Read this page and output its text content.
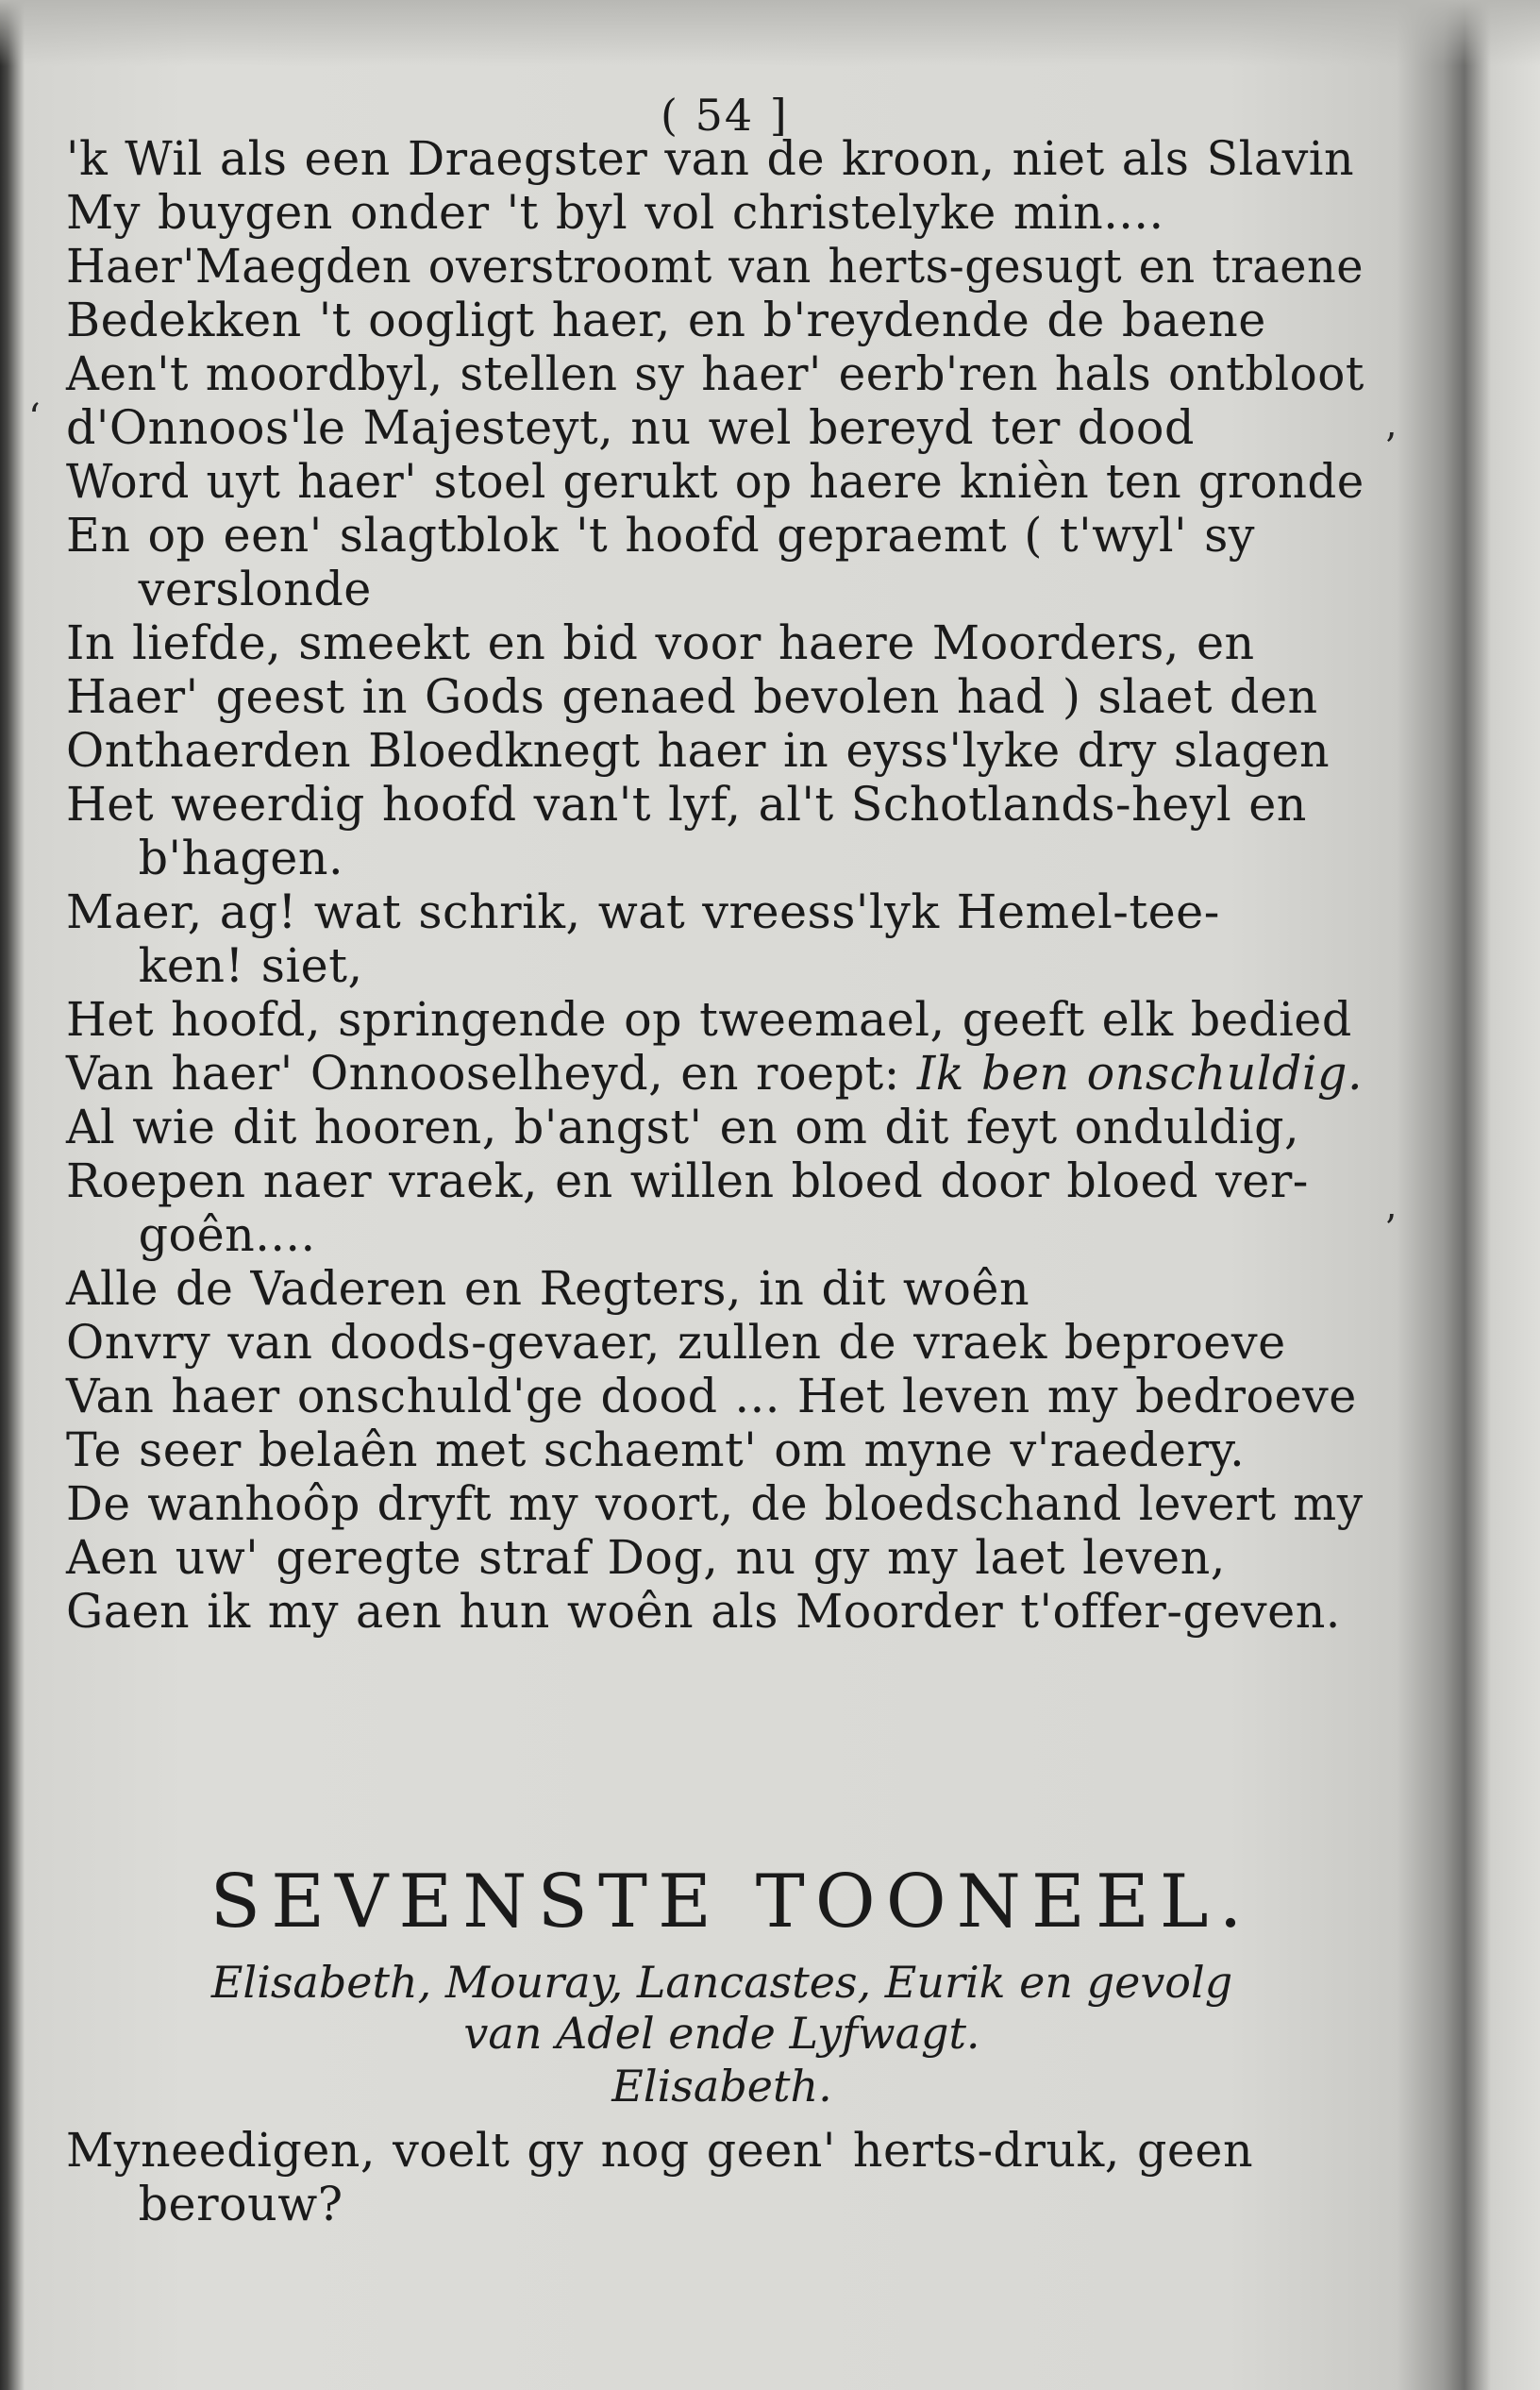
( 54 ]
'k Wil als een Draegster van de kroon, niet als Slavin
My buygen onder 't byl vol christelyke min....
Haer'Maegden overstroomt van herts-gesugt en traene
Bedekken 't oogligt haer, en b'reydende de baene
Aen't moordbyl, stellen sy haer' eerb'ren hals ontbloot
d'Onnoos'le Majesteyt, nu wel bereyd ter dood
Word uyt haer' stoel gerukt op haere knièn ten gronde
En op een' slagtblok 't hoofd gepraemt ( t'wyl' sy
verslonde
In liefde, smeekt en bid voor haere Moorders, en
Haer' geest in Gods genaed bevolen had ) slaet den
Onthaerden Bloedknegt haer in eyss'lyke dry slagen
Het weerdig hoofd van't lyf, al't Schotlands-heyl en
b'hagen.
Maer, ag! wat schrik, wat vreess'lyk Hemel-tee-
ken! siet,
Het hoofd, springende op tweemael, geeft elk bedied
Van haer' Onnooselheyd, en roept: Ik ben onschuldig.
Al wie dit hooren, b'angst' en om dit feyt onduldig,
Roepen naer vraek, en willen bloed door bloed ver-
goên....
Alle de Vaderen en Regters, in dit woên
Onvry van doods-gevaer, zullen de vraek beproeve
Van haer onschuld'ge dood ... Het leven my bedroeve
Te seer belaên met schaemt' om myne v'raedery.
De wanhoôp dryft my voort, de bloedschand levert my
Aen uw' geregte straf Dog, nu gy my laet leven,
Gaen ik my aen hun woên als Moorder t'offer-geven.
SEVENSTE TOONEEL.
Elisabeth, Mouray, Lancastes, Eurik en gevolg
van Adel ende Lyfwagt.
Elisabeth.
Myneedigen, voelt gy nog geen' herts-druk, geen
berouw?
ʼ
ʼ
ʻ
